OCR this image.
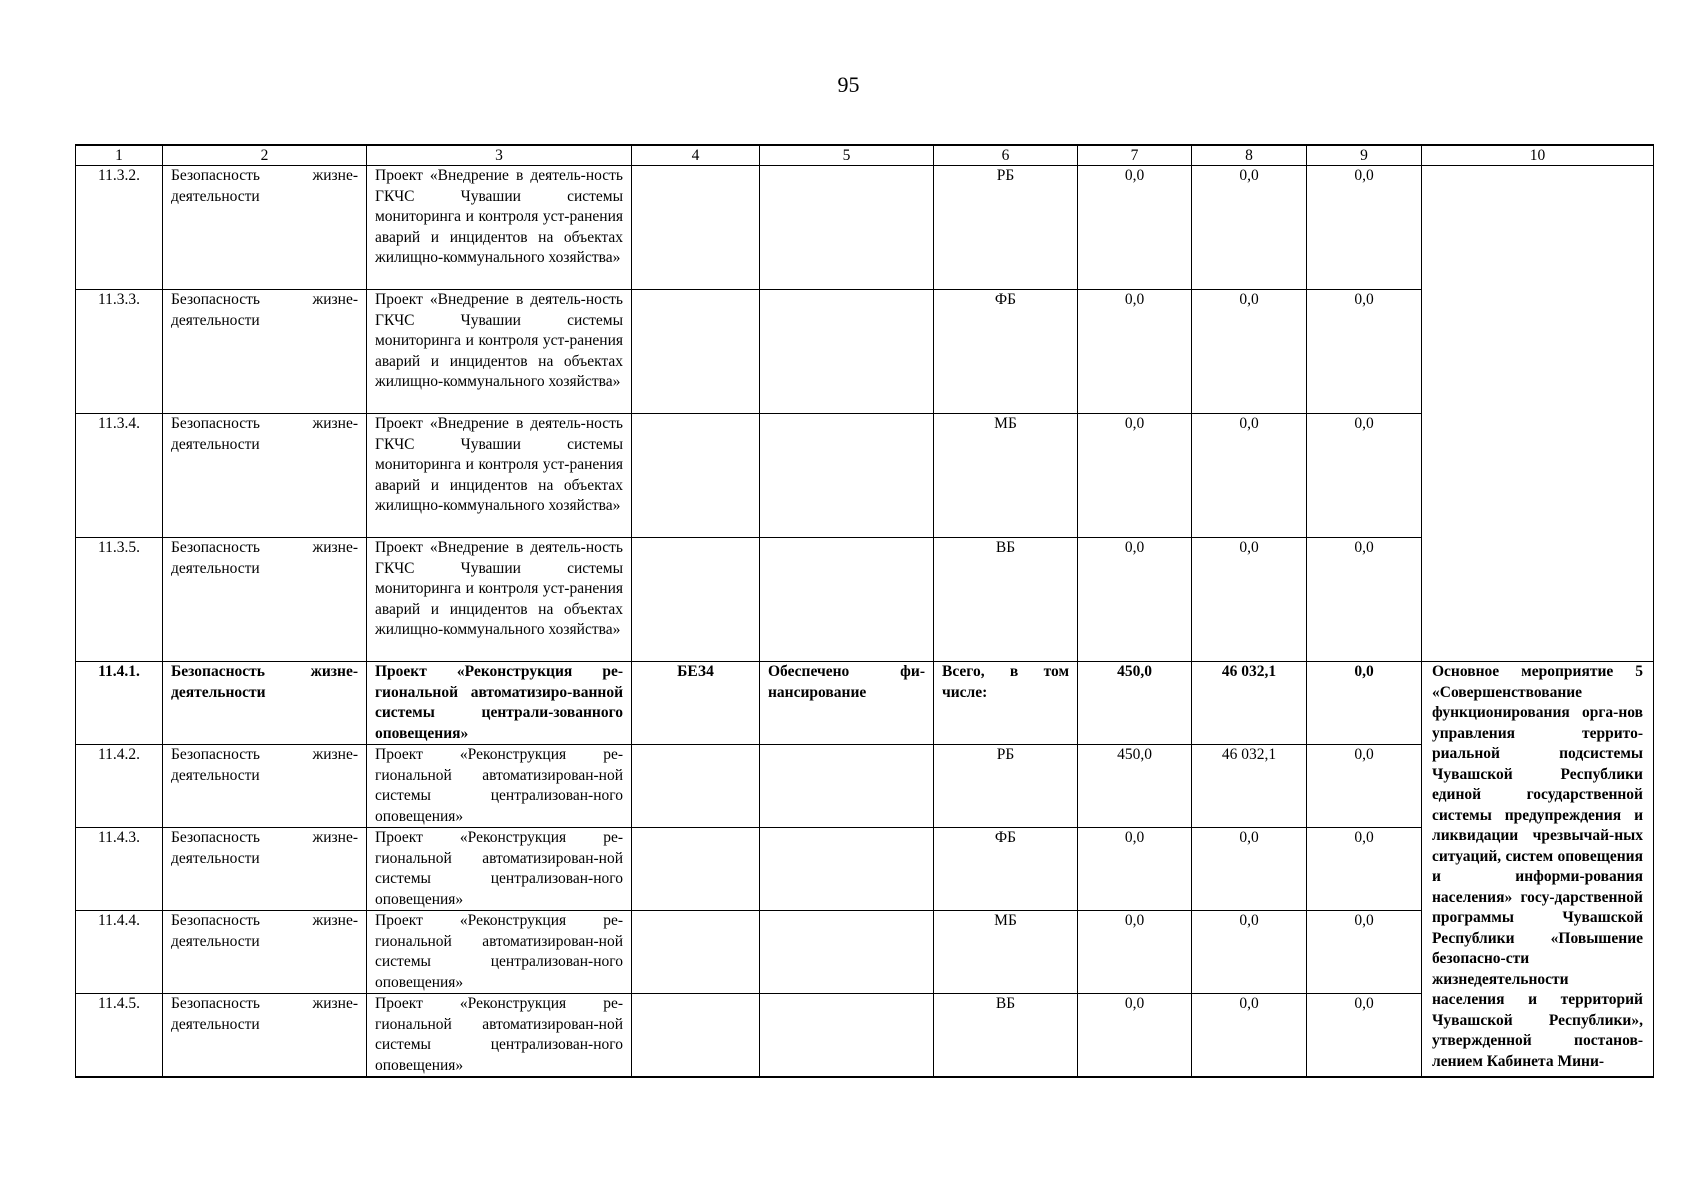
95
1	2	3	4	5	6	7	8	9	10
11.3.2.	Безопасность жизне-деятельности	Проект «Внедрение в деятель-ность ГКЧС Чувашии системы мониторинга и контроля уст-ранения аварий и инцидентов на объектах жилищно-коммунального хозяйства»			РБ	0,0	0,0	0,0	
11.3.3.	Безопасность жизне-деятельности	Проект «Внедрение в деятель-ность ГКЧС Чувашии системы мониторинга и контроля уст-ранения аварий и инцидентов на объектах жилищно-коммунального хозяйства»			ФБ	0,0	0,0	0,0	
11.3.4.	Безопасность жизне-деятельности	Проект «Внедрение в деятель-ность ГКЧС Чувашии системы мониторинга и контроля уст-ранения аварий и инцидентов на объектах жилищно-коммунального хозяйства»			МБ	0,0	0,0	0,0	
11.3.5.	Безопасность жизне-деятельности	Проект «Внедрение в деятель-ность ГКЧС Чувашии системы мониторинга и контроля уст-ранения аварий и инцидентов на объектах жилищно-коммунального хозяйства»			ВБ	0,0	0,0	0,0	
11.4.1.	Безопасность жизне-деятельности	Проект «Реконструкция ре-гиональной автоматизиро-ванной системы централи-зованного оповещения»	БЕЗ4	Обеспечено фи-нансирование	Всего, в том числе:	450,0	46 032,1	0,0	Основное мероприятие 5 «Совершенствование функционирования орга-нов управления террито-риальной подсистемы Чувашской Республики единой государственной системы предупреждения и ликвидации чрезвычай-ных ситуаций, систем оповещения и информи-рования населения» госу-дарственной программы Чувашской Республики «Повышение безопасно-сти жизнедеятельности населения и территорий Чувашской Республики», утвержденной постанов-лением Кабинета Мини-
11.4.2.	Безопасность жизне-деятельности	Проект «Реконструкция ре-гиональной автоматизирован-ной системы централизован-ного оповещения»			РБ	450,0	46 032,1	0,0	
11.4.3.	Безопасность жизне-деятельности	Проект «Реконструкция ре-гиональной автоматизирован-ной системы централизован-ного оповещения»			ФБ	0,0	0,0	0,0	
11.4.4.	Безопасность жизне-деятельности	Проект «Реконструкция ре-гиональной автоматизирован-ной системы централизован-ного оповещения»			МБ	0,0	0,0	0,0	
11.4.5.	Безопасность жизне-деятельности	Проект «Реконструкция ре-гиональной автоматизирован-ной системы централизован-ного оповещения»			ВБ	0,0	0,0	0,0	
